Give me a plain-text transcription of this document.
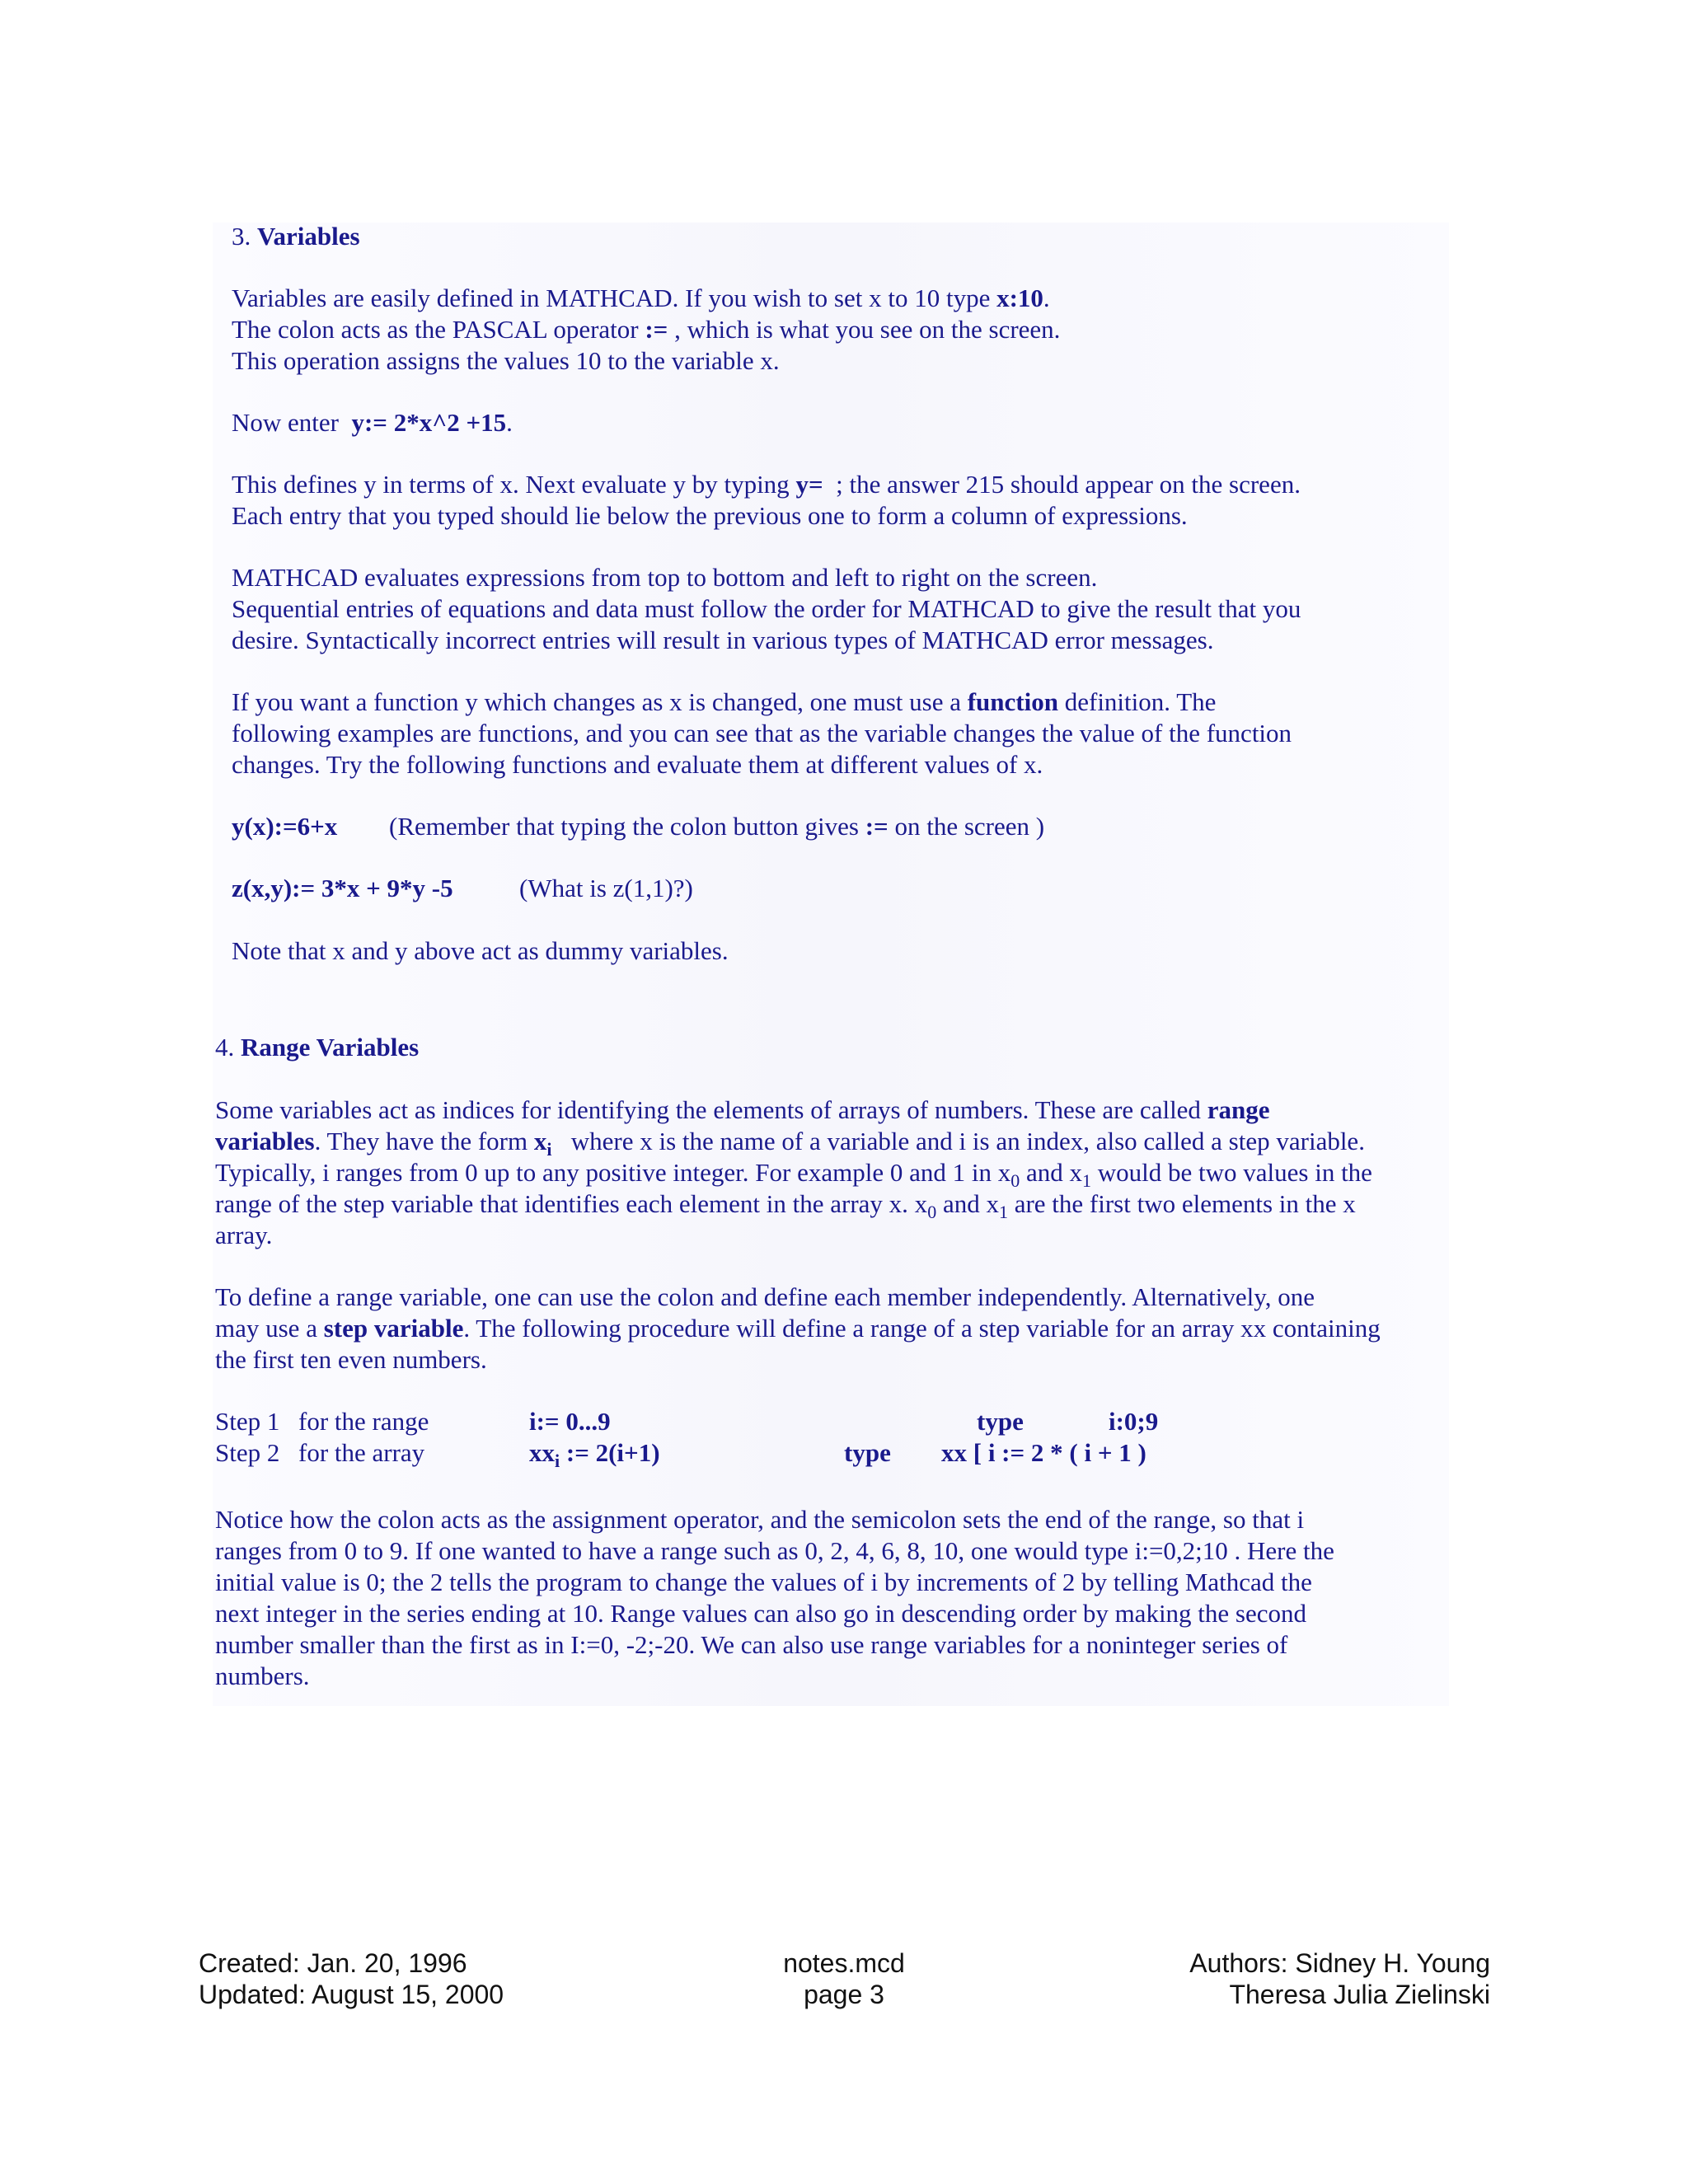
3. Variables

Variables are easily defined in MATHCAD. If you wish to set x to 10 type x:10.

The colon acts as the PASCAL operator := , which is what you see on the screen.

This operation assigns the values 10 to the variable x.

Now enter y:= 2*x^2 +15.

This defines y in terms of x. Next evaluate y by typing y= ; the answer 215 should appear on the screen.

Each entry that you typed should lie below the previous one to form a column of expressions.

MATHCAD evaluates expressions from top to bottom and left to right on the screen.

Sequential entries of equations and data must follow the order for MATHCAD to give the result that you

desire. Syntactically incorrect entries will result in various types of MATHCAD error messages.

If you want a function y which changes as x is changed, one must use a function definition. The

following examples are functions, and you can see that as the variable changes the value of the function

changes. Try the following functions and evaluate them at different values of x.

y(x):=6+x (Remember that typing the colon button gives := on the screen )

z(x,y):= 3*x + 9*y -5	(What is z(1,1)?)

Note that x and y above act as dummy variables.

4. Range Variables

Some variables act as indices for identifying the elements of arrays of numbers. These are called range

variables. They have the form $x_i$ where x is the name of a variable and i is an index, also called a step variable.

Typically, i ranges from 0 up to any positive integer. For example 0 and 1 in $x_0$ and $x_1$ would be two values in the

range of the step variable that identifies each element in the array x. $x_0$ and $x_1$ are the first two elements in the x

array.

To define a range variable, one can use the colon and define each member independently. Alternatively, one

may use a step variable. The following procedure will define a range of a step variable for an array xx containing

the first ten even numbers.

Step 1 for the range	i:= 0...9	type	i:0;9

Step 2 for the array	$xx_i$ := 2(i+1)	type xx [ i := 2 * ( i + 1 )

Notice how the colon acts as the assignment operator, and the semicolon sets the end of the range, so that i

ranges from 0 to 9. If one wanted to have a range such as 0, 2, 4, 6, 8, 10, one would type i:=0,2;10 . Here the

initial value is 0; the 2 tells the program to change the values of i by increments of 2 by telling Mathcad the

next integer in the series ending at 10. Range values can also go in descending order by making the second

number smaller than the first as in I:=0, -2;-20. We can also use range variables for a noninteger series of

numbers.

Created: Jan. 20, 1996

Updated: August 15, 2000

notes.mcd

page 3

Authors: Sidney H. Young

Theresa Julia Zielinski
